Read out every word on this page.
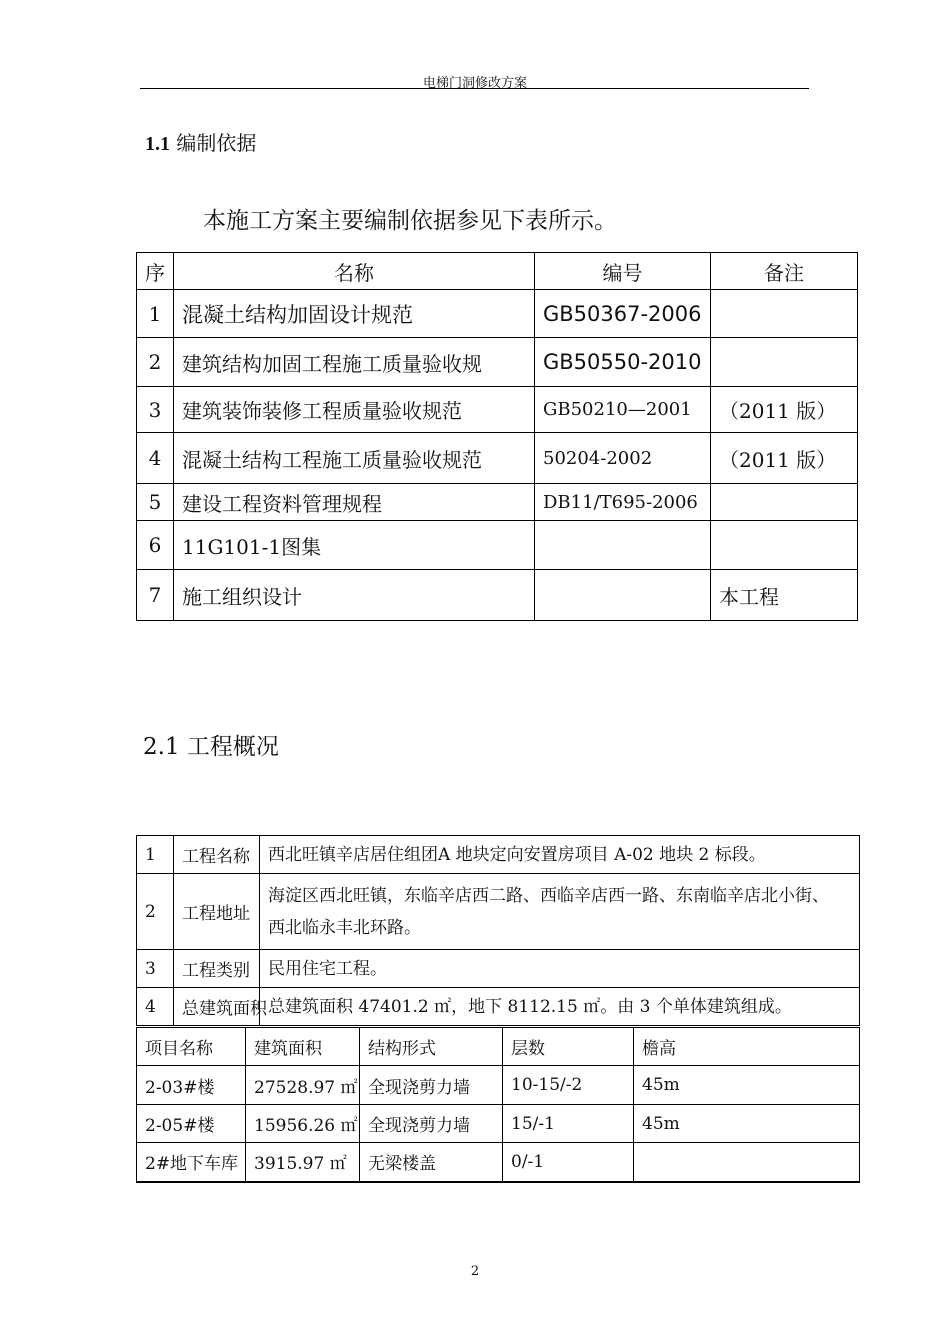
电梯门洞修改方案
1.1 编制依据
本施工方案主要编制依据参见下表所示。
序	名称	编号	备注
1	混凝土结构加固设计规范	GB50367-2006	
2	建筑结构加固工程施工质量验收规	GB50550-2010	
3	建筑装饰装修工程质量验收规范	GB50210—2001	（2011 版）
4	混凝土结构工程施工质量验收规范	50204-2002	（2011 版）
5	建设工程资料管理规程	DB11/T695-2006	
6	11G101-1图集		
7	施工组织设计		本工程
2.1 工程概况
1	工程名称	西北旺镇辛店居住组团A 地块定向安置房项目 A-02 地块 2 标段。
2	工程地址	海淀区西北旺镇，东临辛店西二路、西临辛店西一路、东南临辛店北小街、
西北临永丰北环路。

3	工程类别	民用住宅工程。
4	总建筑面积	总建筑面积 47401.2 ㎡，地下 8112.15 ㎡。由 3 个单体建筑组成。
项目名称	建筑面积	结构形式	层数	檐高
2-03#楼	27528.97 ㎡	全现浇剪力墙	10-15/-2	45m
2-05#楼	15956.26 ㎡	全现浇剪力墙	15/-1	45m
2#地下车库	3915.97 ㎡	无梁楼盖	0/-1	
2
